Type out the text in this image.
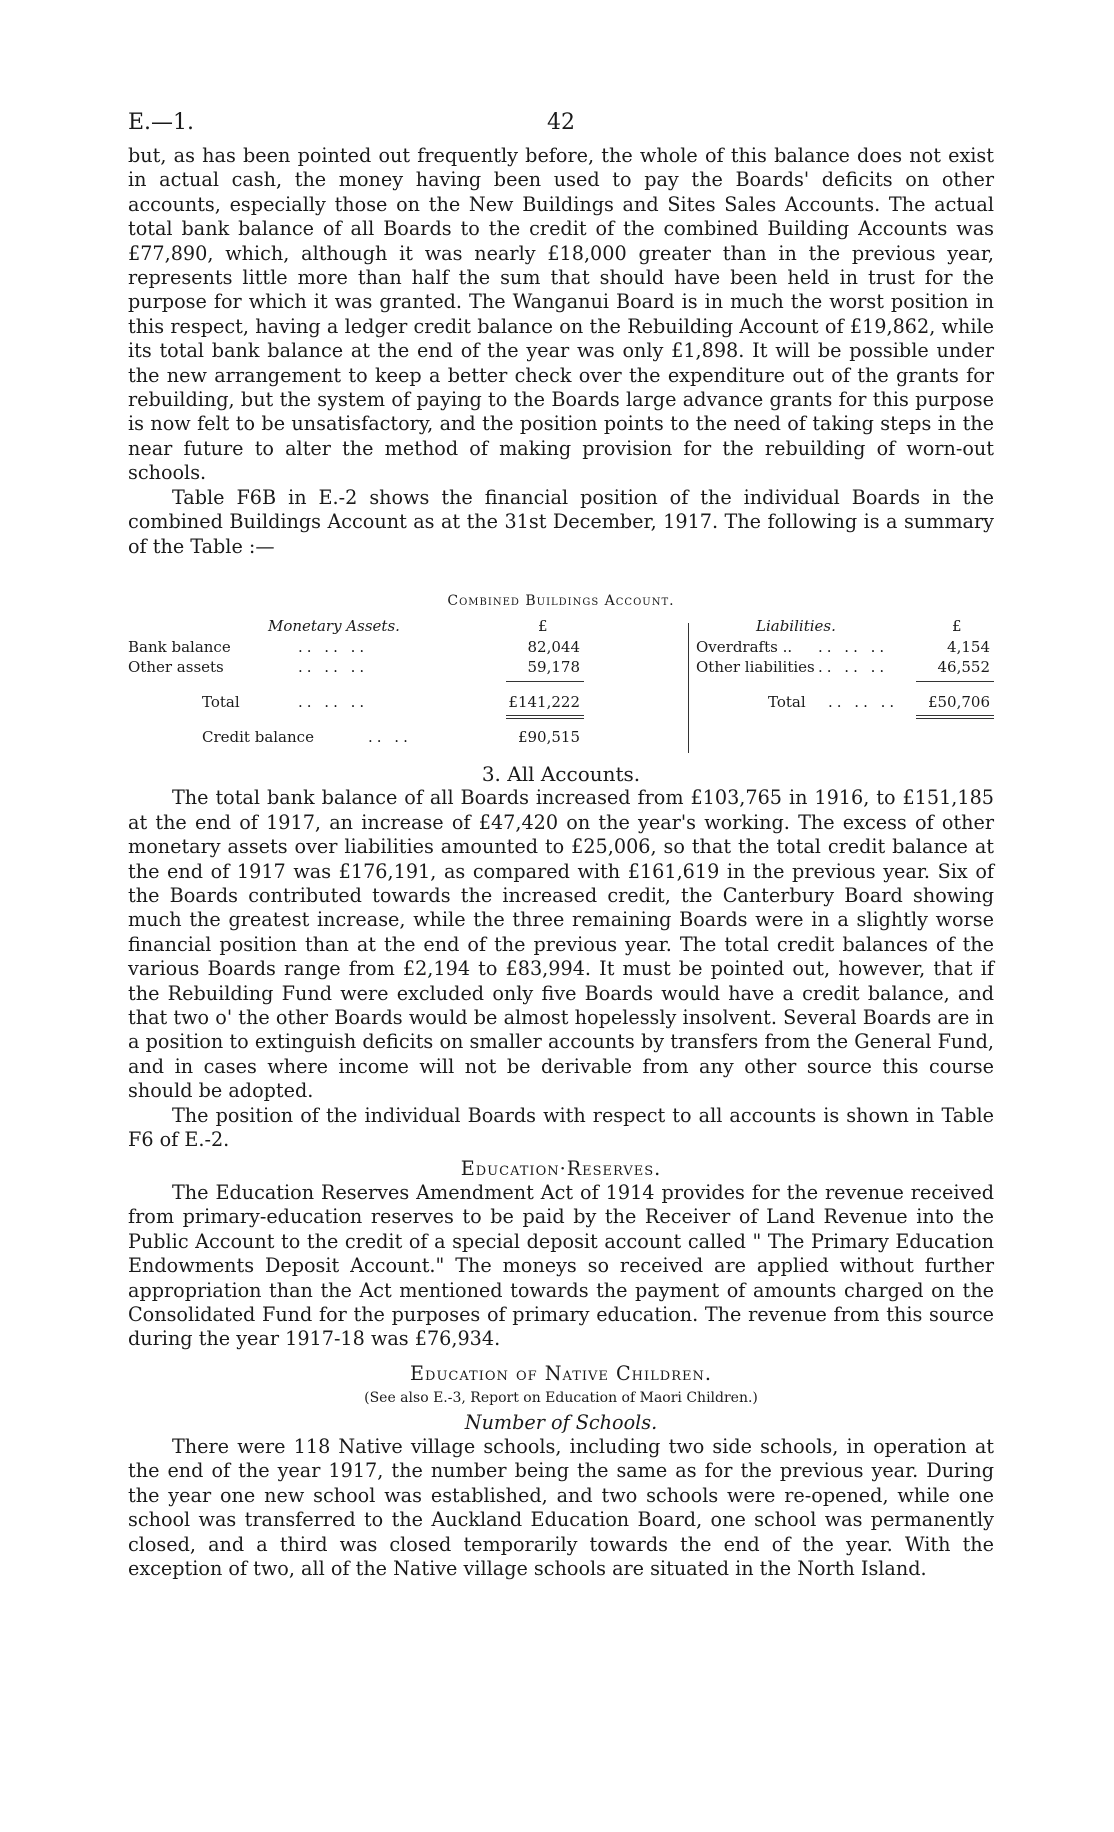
E.—1.	42

but, as has been pointed out frequently before, the whole of this balance does not exist in actual cash, the money having been used to pay the Boards' deficits on other accounts, especially those on the New Buildings and Sites Sales Accounts. The actual total bank balance of all Boards to the credit of the combined Building Accounts was £77,890, which, although it was nearly £18,000 greater than in the previous year, represents little more than half the sum that should have been held in trust for the purpose for which it was granted. The Wanganui Board is in much the worst position in this respect, having a ledger credit balance on the Rebuilding Account of £19,862, while its total bank balance at the end of the year was only £1,898. It will be possible under the new arrangement to keep a better check over the expenditure out of the grants for rebuilding, but the system of paying to the Boards large advance grants for this purpose is now felt to be unsatisfactory, and the position points to the need of taking steps in the near future to alter the method of making provision for the rebuilding of worn-out schools.

Table F6B in E.-2 shows the financial position of the individual Boards in the combined Buildings Account as at the 31st December, 1917. The following is a summary of the Table :—

Combined Buildings Account.
Monetary Assets.	£	Liabilities.	£
Bank balance	.. .. ..	82,044
Other assets	.. .. ..	59,178
Total	.. .. ..	£141,222
Credit balance	.. ..	£90,515
Overdrafts .. .. .. ..	4,154
Other liabilities .. .. ..	46,552
Total .. .. ..	£50,706

3. All Accounts.

The total bank balance of all Boards increased from £103,765 in 1916, to £151,185 at the end of 1917, an increase of £47,420 on the year's working. The excess of other monetary assets over liabilities amounted to £25,006, so that the total credit balance at the end of 1917 was £176,191, as compared with £161,619 in the previous year. Six of the Boards contributed towards the increased credit, the Canterbury Board showing much the greatest increase, while the three remaining Boards were in a slightly worse financial position than at the end of the previous year. The total credit balances of the various Boards range from £2,194 to £83,994. It must be pointed out, however, that if the Rebuilding Fund were excluded only five Boards would have a credit balance, and that two o' the other Boards would be almost hopelessly insolvent. Several Boards are in a position to extinguish deficits on smaller accounts by transfers from the General Fund, and in cases where income will not be derivable from any other source this course should be adopted.

The position of the individual Boards with respect to all accounts is shown in Table F6 of E.-2.

Education·Reserves.

The Education Reserves Amendment Act of 1914 provides for the revenue received from primary-education reserves to be paid by the Receiver of Land Revenue into the Public Account to the credit of a special deposit account called " The Primary Education Endowments Deposit Account." The moneys so received are applied without further appropriation than the Act mentioned towards the payment of amounts charged on the Consolidated Fund for the purposes of primary education. The revenue from this source during the year 1917-18 was £76,934.

Education of Native Children.

(See also E.-3, Report on Education of Maori Children.)

Number of Schools.

There were 118 Native village schools, including two side schools, in operation at the end of the year 1917, the number being the same as for the previous year. During the year one new school was established, and two schools were re-opened, while one school was transferred to the Auckland Education Board, one school was permanently closed, and a third was closed temporarily towards the end of the year. With the exception of two, all of the Native village schools are situated in the North Island.
